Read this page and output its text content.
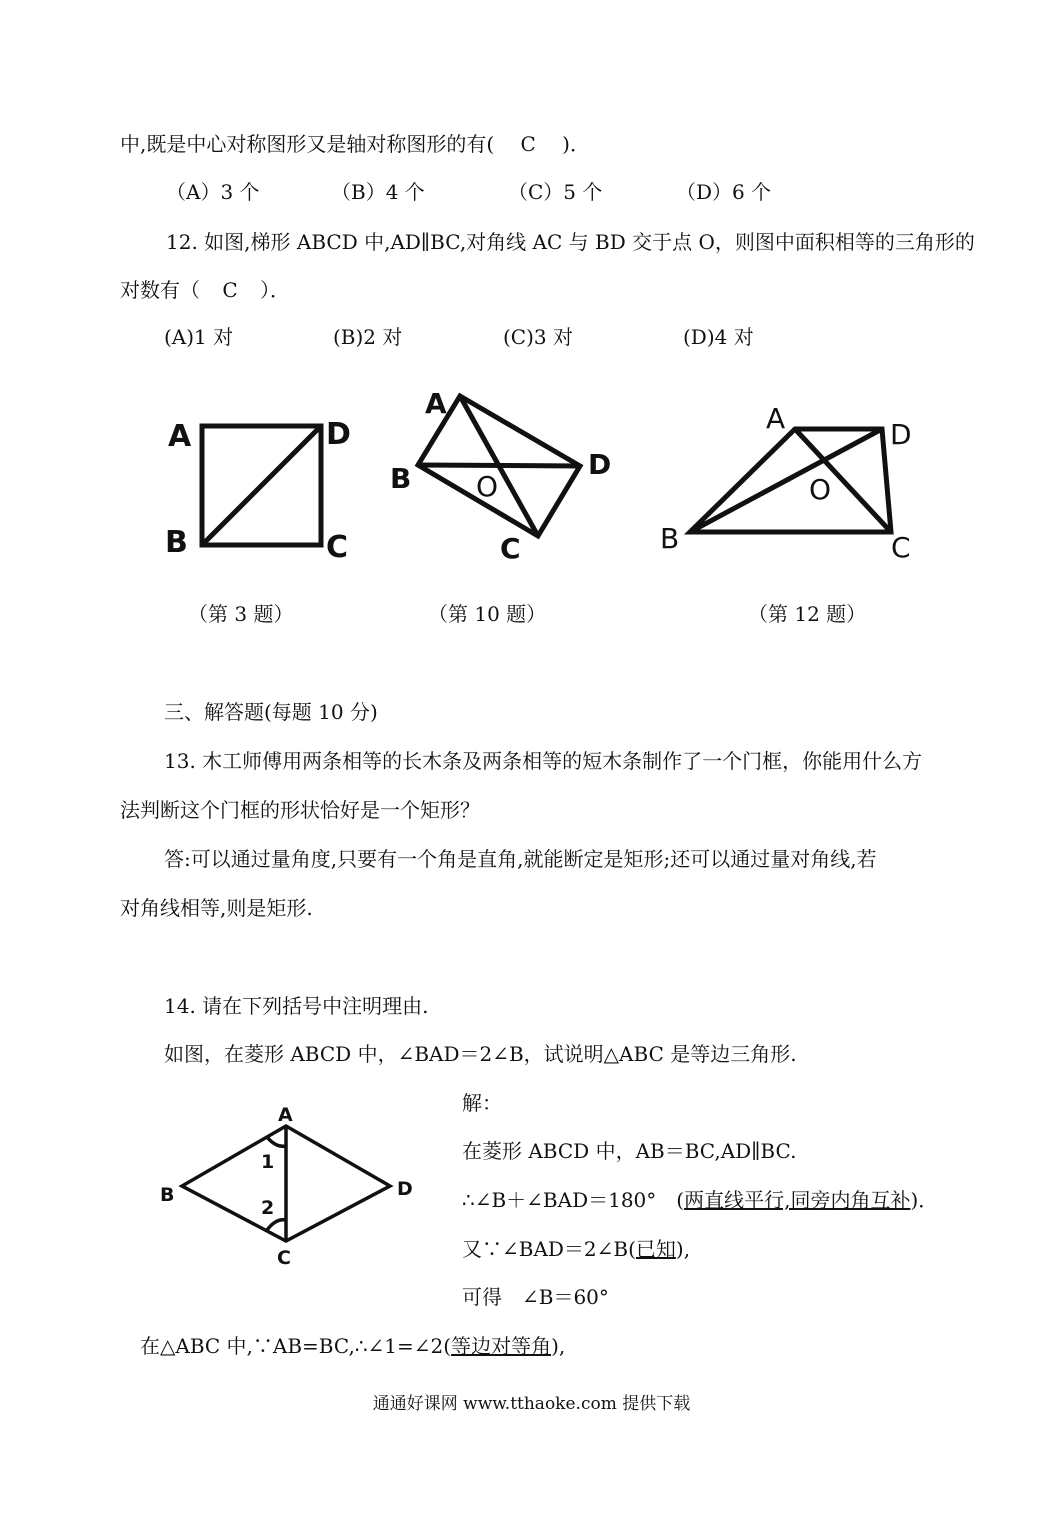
中,既是中心对称图形又是轴对称图形的有( C )．
（A）3 个	（B）4 个	（C）5 个	（D）6 个
12. 如图,梯形 ABCD 中,AD∥BC,对角线 AC 与 BD 交于点 O，则图中面积相等的三角形的
对数有（ C ）．
(A)1 对	(B)2 对	(C)3 对	(D)4 对
A	D
B	C
A
B	D
C
O
A	D
B	C
O
（第 3 题）	（第 10 题）	（第 12 题）
三、解答题(每题 10 分)
13. 木工师傅用两条相等的长木条及两条相等的短木条制作了一个门框，你能用什么方
法判断这个门框的形状恰好是一个矩形？
答:可以通过量角度,只要有一个角是直角,就能断定是矩形;还可以通过量对角线,若
对角线相等,则是矩形.
14. 请在下列括号中注明理由.
如图，在菱形 ABCD 中，∠BAD＝2∠B，试说明△ABC 是等边三角形.
A
B	D
C
1
2
解：
在菱形 ABCD 中，AB＝BC,AD∥BC.
∴∠B＋∠BAD＝180°　(两直线平行,同旁内角互补)．
又∵∠BAD＝2∠B(已知),
可得　∠B＝60°
在△ABC 中,∵AB=BC,∴∠1=∠2(等边对等角),
通通好课网 www.tthaoke.com 提供下载
